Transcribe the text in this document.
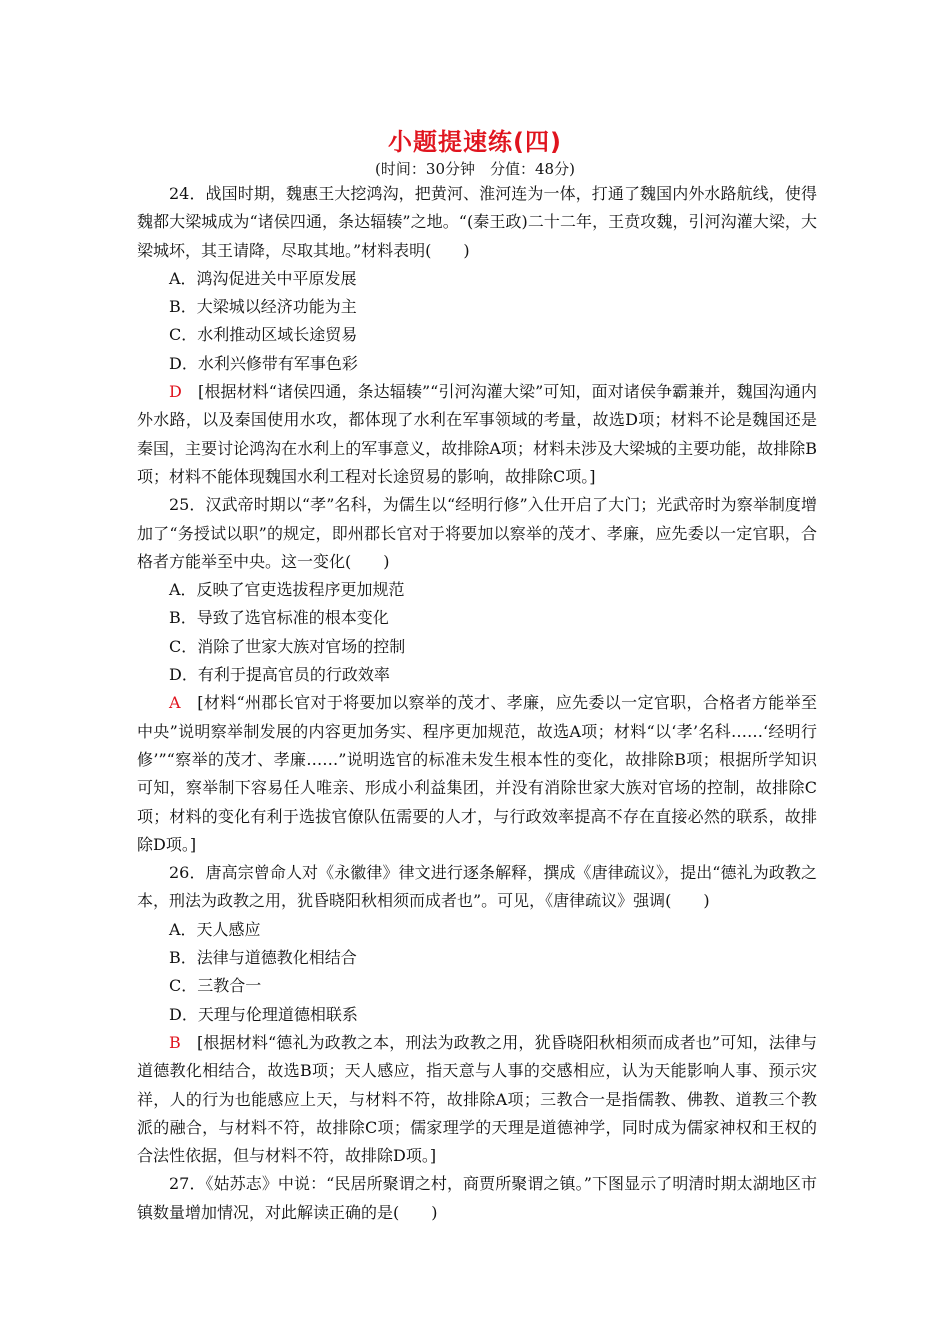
小题提速练(四)
(时间：30分钟　分值：48分)

24．战国时期，魏惠王大挖鸿沟，把黄河、淮河连为一体，打通了魏国内外水路航线，使得魏都大梁城成为“诸侯四通，条达辐辏”之地。“(秦王政)二十二年，王贲攻魏，引河沟灌大梁，大梁城坏，其王请降，尽取其地。”材料表明(　　)

A．鸿沟促进关中平原发展

B．大梁城以经济功能为主

C．水利推动区域长途贸易

D．水利兴修带有军事色彩

D　[根据材料“诸侯四通，条达辐辏”“引河沟灌大梁”可知，面对诸侯争霸兼并，魏国沟通内外水路，以及秦国使用水攻，都体现了水利在军事领域的考量，故选D项；材料不论是魏国还是秦国，主要讨论鸿沟在水利上的军事意义，故排除A项；材料未涉及大梁城的主要功能，故排除B项；材料不能体现魏国水利工程对长途贸易的影响，故排除C项。]

25．汉武帝时期以“孝”名科，为儒生以“经明行修”入仕开启了大门；光武帝时为察举制度增加了“务授试以职”的规定，即州郡长官对于将要加以察举的茂才、孝廉，应先委以一定官职，合格者方能举至中央。这一变化(　　)

A．反映了官吏选拔程序更加规范

B．导致了选官标准的根本变化

C．消除了世家大族对官场的控制

D．有利于提高官员的行政效率

A　[材料“州郡长官对于将要加以察举的茂才、孝廉，应先委以一定官职，合格者方能举至中央”说明察举制发展的内容更加务实、程序更加规范，故选A项；材料“以‘孝’名科……‘经明行修’”“察举的茂才、孝廉……”说明选官的标准未发生根本性的变化，故排除B项；根据所学知识可知，察举制下容易任人唯亲、形成小利益集团，并没有消除世家大族对官场的控制，故排除C项；材料的变化有利于选拔官僚队伍需要的人才，与行政效率提高不存在直接必然的联系，故排除D项。]

26．唐高宗曾命人对《永徽律》律文进行逐条解释，撰成《唐律疏议》，提出“德礼为政教之本，刑法为政教之用，犹昏晓阳秋相须而成者也”。可见，《唐律疏议》强调(　　)

A．天人感应

B．法律与道德教化相结合

C．三教合一

D．天理与伦理道德相联系

B　[根据材料“德礼为政教之本，刑法为政教之用，犹昏晓阳秋相须而成者也”可知，法律与道德教化相结合，故选B项；天人感应，指天意与人事的交感相应，认为天能影响人事、预示灾祥，人的行为也能感应上天，与材料不符，故排除A项；三教合一是指儒教、佛教、道教三个教派的融合，与材料不符，故排除C项；儒家理学的天理是道德神学，同时成为儒家神权和王权的合法性依据，但与材料不符，故排除D项。]

27．《姑苏志》中说：“民居所聚谓之村，商贾所聚谓之镇。”下图显示了明清时期太湖地区市镇数量增加情况，对此解读正确的是(　　)
